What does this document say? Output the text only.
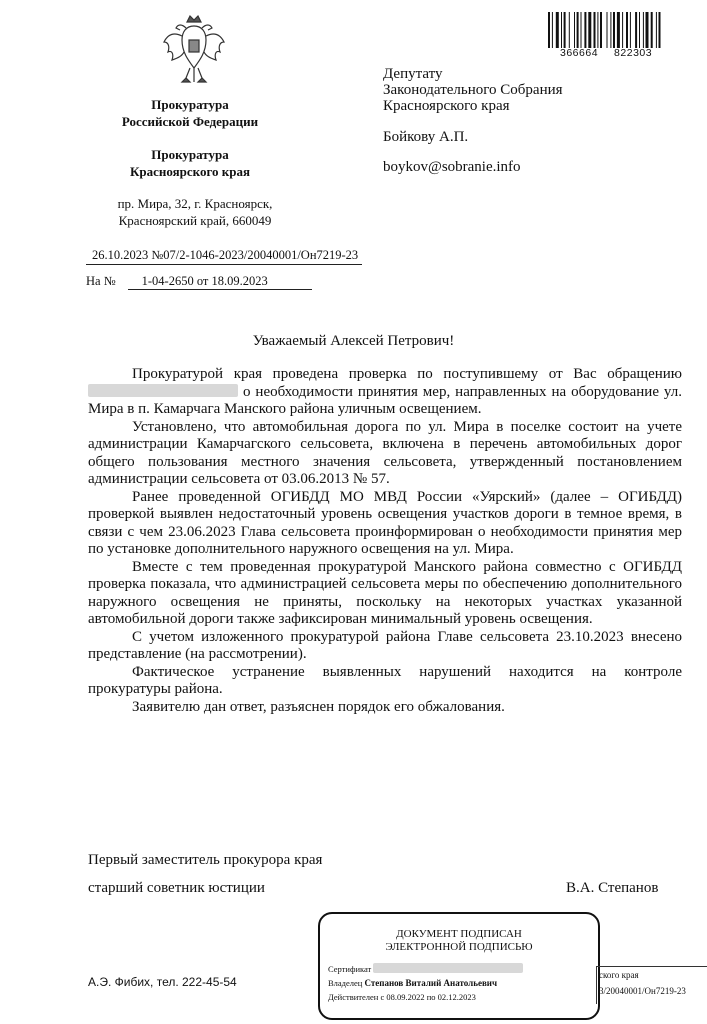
Прокуратура
Российской Федерации
Прокуратура
Красноярского края
пр. Мира, 32, г. Красноярск,
Красноярский край, 660049
26.10.2023 №07/2-1046-2023/20040001/Он7219-23
На № 1-04-2650 от 18.09.2023
366664 822303
Депутату
Законодательного Собрания
Красноярского края
Бойкову А.П.
boykov@sobranie.info
Уважаемый Алексей Петрович!

Прокуратурой края проведена проверка по поступившему от Вас обращению  о необходимости принятия мер, направленных на оборудование ул. Мира в п. Камарчага Манского района уличным освещением.

Установлено, что автомобильная дорога по ул. Мира в поселке состоит на учете администрации Камарчагского сельсовета, включена в перечень автомобильных дорог общего пользования местного значения сельсовета, утвержденный постановлением администрации сельсовета от 03.06.2013 № 57.

Ранее проведенной ОГИБДД МО МВД России «Уярский» (далее – ОГИБДД) проверкой выявлен недостаточный уровень освещения участков дороги в темное время, в связи с чем 23.06.2023 Глава сельсовета проинформирован о необходимости принятия мер по установке дополнительного наружного освещения на ул. Мира.

Вместе с тем проведенная прокуратурой Манского района совместно с ОГИБДД проверка показала, что администрацией сельсовета меры по обеспечению дополнительного наружного освещения не приняты, поскольку на некоторых участках указанной автомобильной дороги также зафиксирован минимальный уровень освещения.

С учетом изложенного прокуратурой района Главе сельсовета 23.10.2023 внесено представление (на рассмотрении).

Фактическое устранение выявленных нарушений находится на контроле прокуратуры района.

Заявителю дан ответ, разъяснен порядок его обжалования.

Первый заместитель прокурора края
старший советник юстиции	В.А. Степанов
ДОКУМЕНТ ПОДПИСАН
ЭЛЕКТРОННОЙ ПОДПИСЬЮ
Сертификат
Владелец Степанов Виталий Анатольевич
Действителен с 08.09.2022 по 02.12.2023
ского края
3/20040001/Он7219-23
А.Э. Фибих, тел. 222-45-54
